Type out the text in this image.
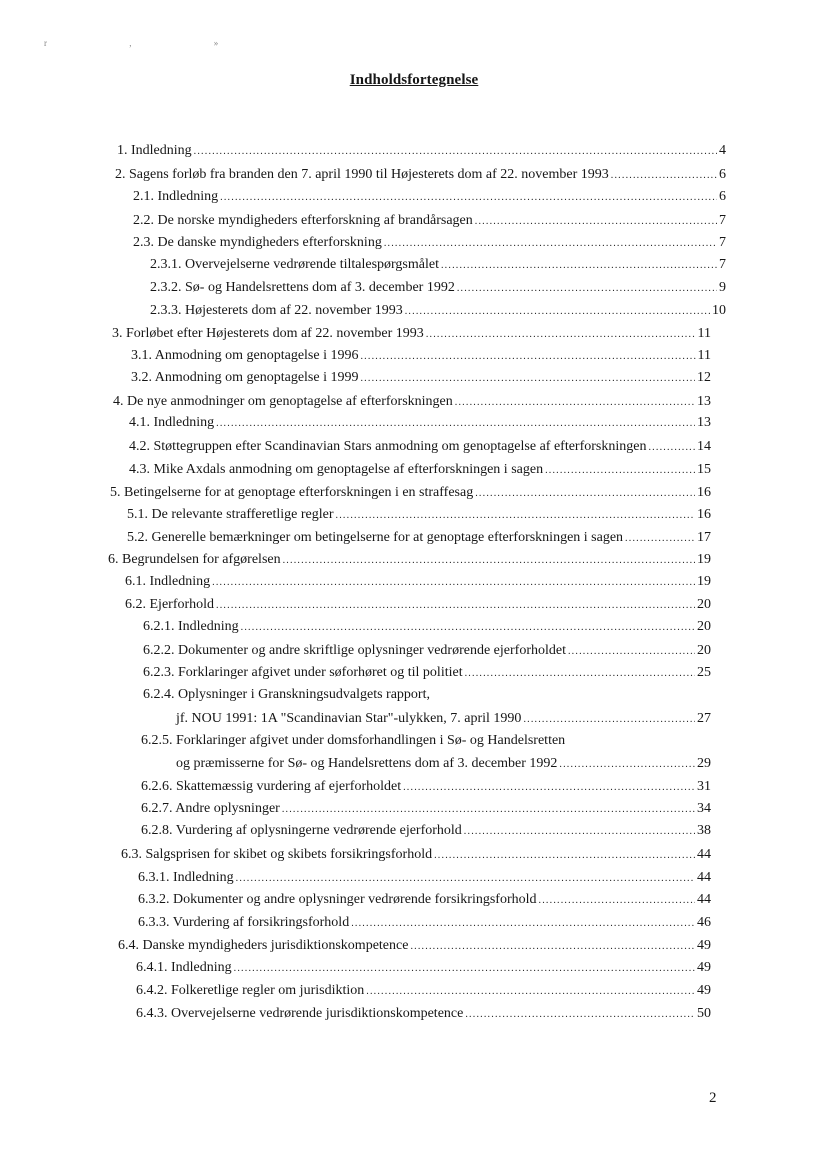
r , »
Indholdsfortegnelse
1. Indledning .....	4
2. Sagens forløb fra branden den 7. april 1990 til Højesterets dom af 22. november 1993 .....	6
2.1. Indledning .....	6
2.2. De norske myndigheders efterforskning af brandårsagen .....	7
2.3. De danske myndigheders efterforskning .....	7
2.3.1. Overvejelserne vedrørende tiltalespørgsmålet .....	7
2.3.2. Sø- og Handelsrettens dom af 3. december 1992 .....	9
2.3.3. Højesterets dom af 22. november 1993 .....	10
3. Forløbet efter Højesterets dom af 22. november 1993 .....	11
3.1. Anmodning om genoptagelse i 1996 .....	11
3.2. Anmodning om genoptagelse i 1999 .....	12
4. De nye anmodninger om genoptagelse af efterforskningen .....	13
4.1. Indledning .....	13
4.2. Støttegruppen efter Scandinavian Stars anmodning om genoptagelse af efterforskningen .....	14
4.3. Mike Axdals anmodning om genoptagelse af efterforskningen i sagen .....	15
5. Betingelserne for at genoptage efterforskningen i en straffesag .....	16
5.1. De relevante strafferetlige regler .....	16
5.2. Generelle bemærkninger om betingelserne for at genoptage efterforskningen i sagen .....	17
6. Begrundelsen for afgørelsen .....	19
6.1. Indledning .....	19
6.2. Ejerforhold .....	20
6.2.1. Indledning .....	20
6.2.2. Dokumenter og andre skriftlige oplysninger vedrørende ejerforholdet .....	20
6.2.3. Forklaringer afgivet under søforhøret og til politiet .....	25
6.2.4. Oplysninger i Granskningsudvalgets rapport,
jf. NOU 1991: 1A "Scandinavian Star"-ulykken, 7. april 1990 .....	27
6.2.5. Forklaringer afgivet under domsforhandlingen i Sø- og Handelsretten
og præmisserne for Sø- og Handelsrettens dom af 3. december 1992 .....	29
6.2.6. Skattemæssig vurdering af ejerforholdet .....	31
6.2.7. Andre oplysninger .....	34
6.2.8. Vurdering af oplysningerne vedrørende ejerforhold .....	38
6.3. Salgsprisen for skibet og skibets forsikringsforhold .....	44
6.3.1. Indledning .....	44
6.3.2. Dokumenter og andre oplysninger vedrørende forsikringsforhold .....	44
6.3.3. Vurdering af forsikringsforhold .....	46
6.4. Danske myndigheders jurisdiktionskompetence .....	49
6.4.1. Indledning .....	49
6.4.2. Folkeretlige regler om jurisdiktion .....	49
6.4.3. Overvejelserne vedrørende jurisdiktionskompetence .....	50
2
